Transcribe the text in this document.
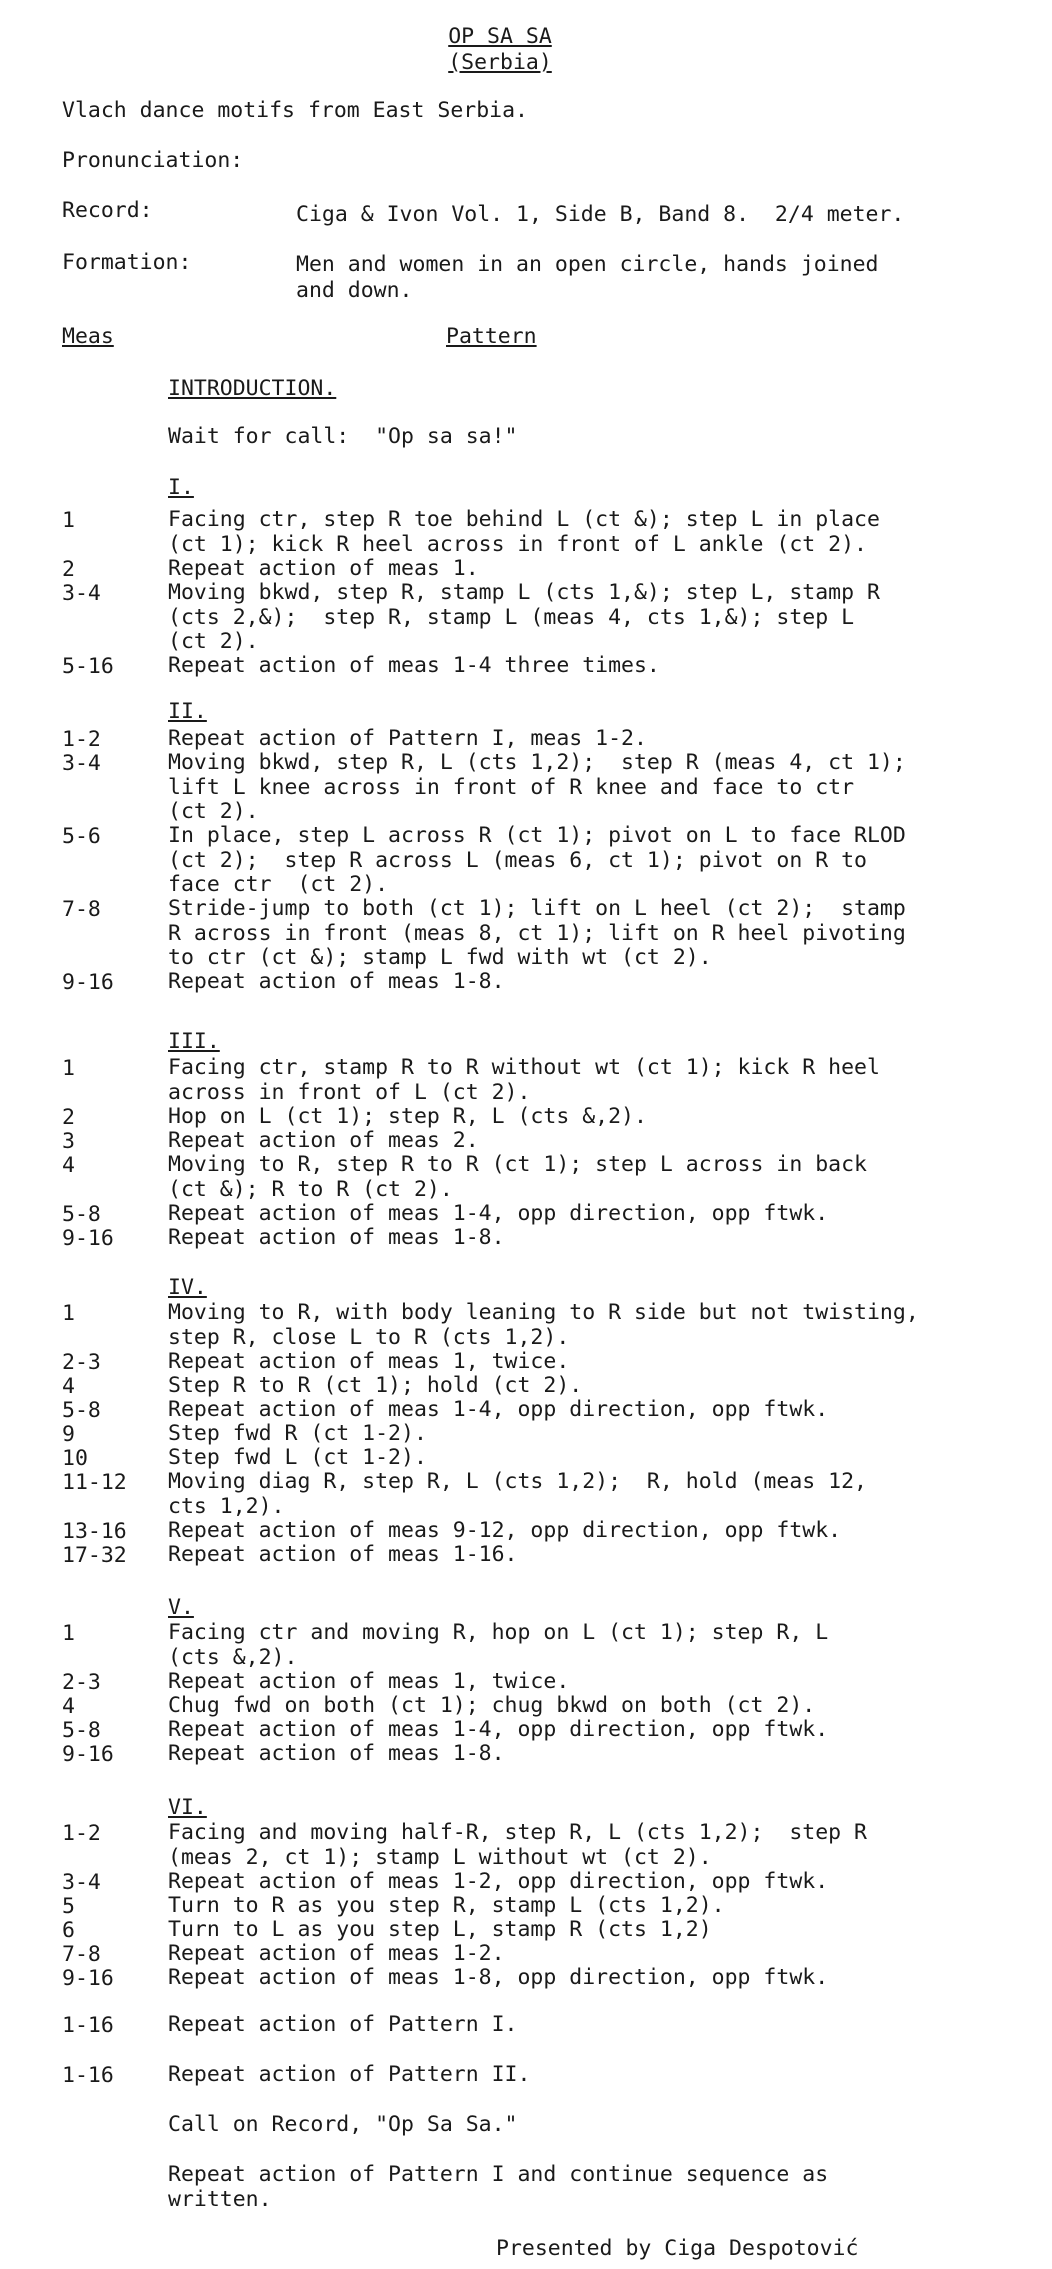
OP SA SA
(Serbia)
Vlach dance motifs from East Serbia.
Pronunciation:
Record:	Ciga & Ivon Vol. 1, Side B, Band 8.  2/4 meter.
Formation:	Men and women in an open circle, hands joined
and down.
Meas	Pattern
INTRODUCTION.
Wait for call:  "Op sa sa!"
I.
1	Facing ctr, step R toe behind L (ct &); step L in place
(ct 1); kick R heel across in front of L ankle (ct 2).
2	Repeat action of meas 1.
3-4	Moving bkwd, step R, stamp L (cts 1,&); step L, stamp R
(cts 2,&);  step R, stamp L (meas 4, cts 1,&); step L
(ct 2).
5-16	Repeat action of meas 1-4 three times.
II.
1-2	Repeat action of Pattern I, meas 1-2.
3-4	Moving bkwd, step R, L (cts 1,2);  step R (meas 4, ct 1);
lift L knee across in front of R knee and face to ctr
(ct 2).
5-6	In place, step L across R (ct 1); pivot on L to face RLOD
(ct 2);  step R across L (meas 6, ct 1); pivot on R to
face ctr  (ct 2).
7-8	Stride-jump to both (ct 1); lift on L heel (ct 2);  stamp
R across in front (meas 8, ct 1); lift on R heel pivoting
to ctr (ct &); stamp L fwd with wt (ct 2).
9-16	Repeat action of meas 1-8.
III.
1	Facing ctr, stamp R to R without wt (ct 1); kick R heel
across in front of L (ct 2).
2	Hop on L (ct 1); step R, L (cts &,2).
3	Repeat action of meas 2.
4	Moving to R, step R to R (ct 1); step L across in back
(ct &); R to R (ct 2).
5-8	Repeat action of meas 1-4, opp direction, opp ftwk.
9-16	Repeat action of meas 1-8.
IV.
1	Moving to R, with body leaning to R side but not twisting,
step R, close L to R (cts 1,2).
2-3	Repeat action of meas 1, twice.
4	Step R to R (ct 1); hold (ct 2).
5-8	Repeat action of meas 1-4, opp direction, opp ftwk.
9	Step fwd R (ct 1-2).
10	Step fwd L (ct 1-2).
11-12 Moving diag R, step R, L (cts 1,2);  R, hold (meas 12,
cts 1,2).
13-16 Repeat action of meas 9-12, opp direction, opp ftwk.
17-32 Repeat action of meas 1-16.
V.
1	Facing ctr and moving R, hop on L (ct 1); step R, L
(cts &,2).
2-3	Repeat action of meas 1, twice.
4	Chug fwd on both (ct 1); chug bkwd on both (ct 2).
5-8	Repeat action of meas 1-4, opp direction, opp ftwk.
9-16	Repeat action of meas 1-8.
VI.
1-2	Facing and moving half-R, step R, L (cts 1,2);  step R
(meas 2, ct 1); stamp L without wt (ct 2).
3-4	Repeat action of meas 1-2, opp direction, opp ftwk.
5	Turn to R as you step R, stamp L (cts 1,2).
6	Turn to L as you step L, stamp R (cts 1,2)
7-8	Repeat action of meas 1-2.
9-16	Repeat action of meas 1-8, opp direction, opp ftwk.
1-16	Repeat action of Pattern I.
1-16	Repeat action of Pattern II.
Call on Record, "Op Sa Sa."
Repeat action of Pattern I and continue sequence as
written.
Presented by Ciga Despotović
